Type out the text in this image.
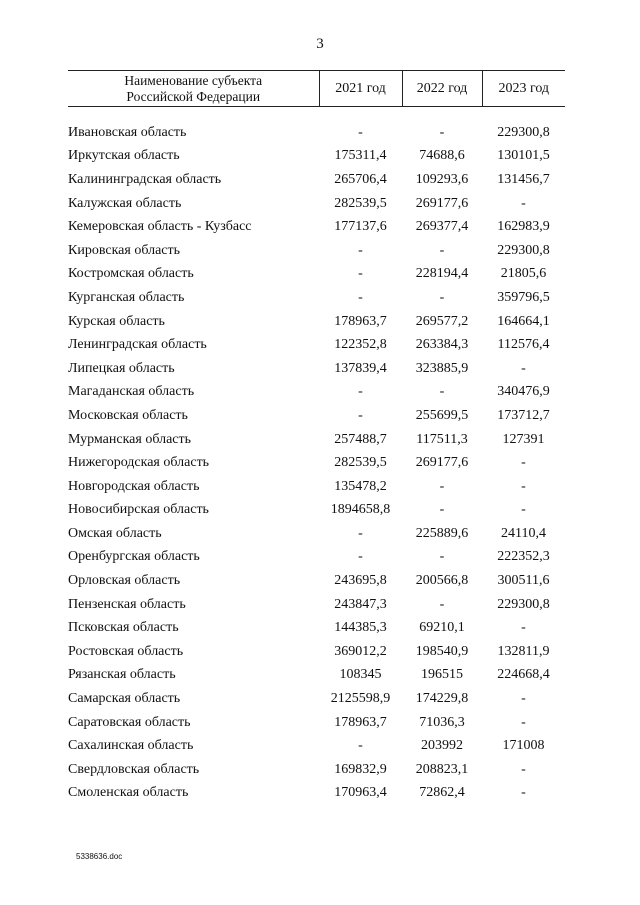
3
Наименование субъекта
Российской Федерации	2021 год	2022 год	2023 год

Ивановская область	-	-	229300,8
Иркутская область	175311,4	74688,6	130101,5
Калининградская область	265706,4	109293,6	131456,7
Калужская область	282539,5	269177,6	-
Кемеровская область - Кузбасс	177137,6	269377,4	162983,9
Кировская область	-	-	229300,8
Костромская область	-	228194,4	21805,6
Курганская область	-	-	359796,5
Курская область	178963,7	269577,2	164664,1
Ленинградская область	122352,8	263384,3	112576,4
Липецкая область	137839,4	323885,9	-
Магаданская область	-	-	340476,9
Московская область	-	255699,5	173712,7
Мурманская область	257488,7	117511,3	127391
Нижегородская область	282539,5	269177,6	-
Новгородская область	135478,2	-	-
Новосибирская область	1894658,8	-	-
Омская область	-	225889,6	24110,4
Оренбургская область	-	-	222352,3
Орловская область	243695,8	200566,8	300511,6
Пензенская область	243847,3	-	229300,8
Псковская область	144385,3	69210,1	-
Ростовская область	369012,2	198540,9	132811,9
Рязанская область	108345	196515	224668,4
Самарская область	2125598,9	174229,8	-
Саратовская область	178963,7	71036,3	-
Сахалинская область	-	203992	171008
Свердловская область	169832,9	208823,1	-
Смоленская область	170963,4	72862,4	-
5338636.doc
